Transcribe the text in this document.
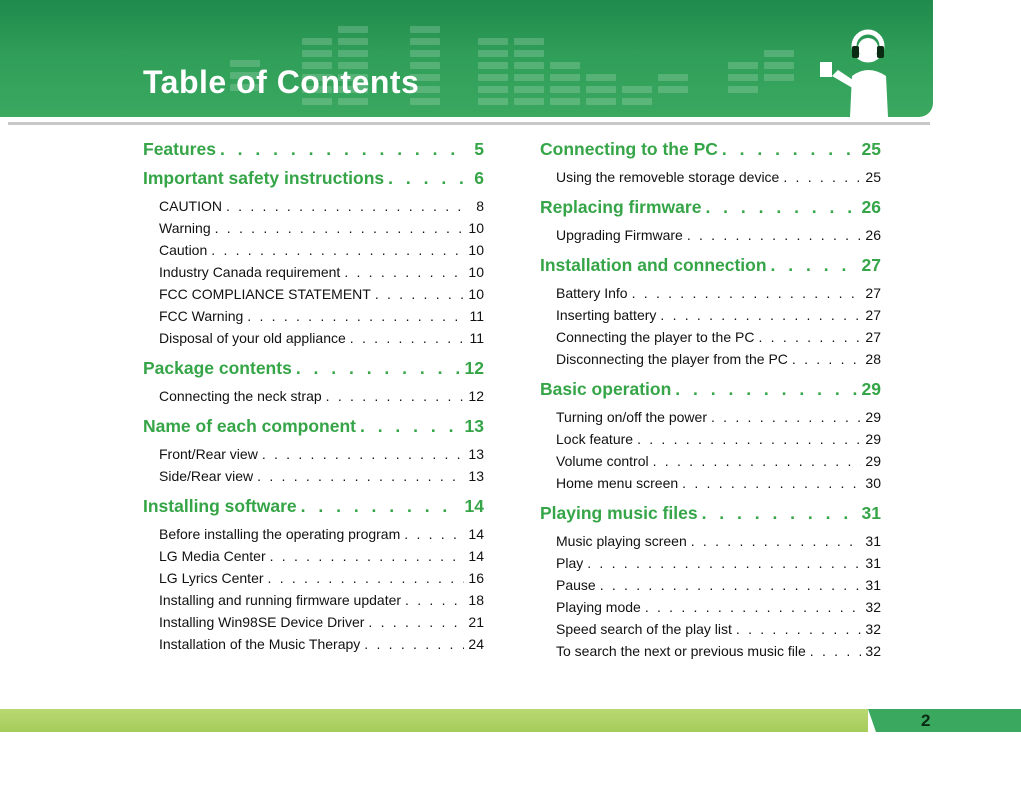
Table of Contents
Features . . .	5
Important safety instructions . . .	6
CAUTION . . .	8
Warning . . .	10
Caution . . .	10
Industry Canada requirement . . .	10
FCC COMPLIANCE STATEMENT . . .	10
FCC Warning . . .	11
Disposal of your old appliance . . .	11
Package contents . . .	12
Connecting the neck strap . . .	12
Name of each component . . .	13
Front/Rear view . . .	13
Side/Rear view . . .	13
Installing software . . .	14
Before installing the operating program . . .	14
LG Media Center . . .	14
LG Lyrics Center . . .	16
Installing and running firmware updater . . .	18
Installing Win98SE Device Driver . . .	21
Installation of the Music Therapy . . .	24
Connecting to the PC . . .	25
Using the removeble storage device . . .	25
Replacing firmware . . .	26
Upgrading Firmware . . .	26
Installation and connection . . .	27
Battery Info . . .	27
Inserting battery . . .	27
Connecting the player to the PC . . .	27
Disconnecting the player from the PC . . .	28
Basic operation . . .	29
Turning on/off the power . . .	29
Lock feature . . .	29
Volume control . . .	29
Home menu screen . . .	30
Playing music files . . .	31
Music playing screen . . .	31
Play . . .	31
Pause . . .	31
Playing mode . . .	32
Speed search of the play list . . .	32
To search the next or previous music file . . .	32
2
